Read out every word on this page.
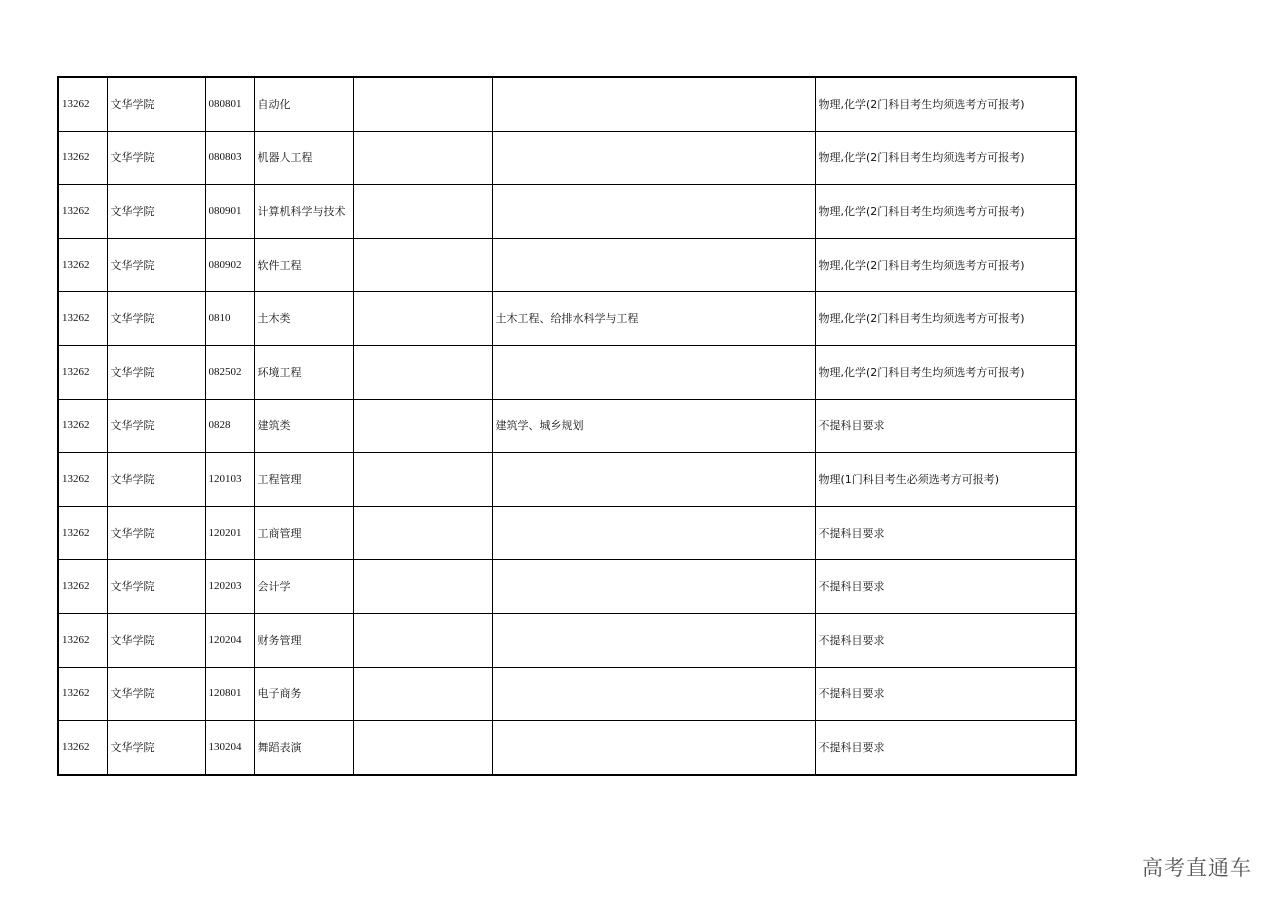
13262	文华学院	080801	自动化			物理,化学(2门科目考生均须选考方可报考)
13262	文华学院	080803	机器人工程			物理,化学(2门科目考生均须选考方可报考)
13262	文华学院	080901	计算机科学与技术			物理,化学(2门科目考生均须选考方可报考)
13262	文华学院	080902	软件工程			物理,化学(2门科目考生均须选考方可报考)
13262	文华学院	0810	土木类		土木工程、给排水科学与工程	物理,化学(2门科目考生均须选考方可报考)
13262	文华学院	082502	环境工程			物理,化学(2门科目考生均须选考方可报考)
13262	文华学院	0828	建筑类		建筑学、城乡规划	不提科目要求
13262	文华学院	120103	工程管理			物理(1门科目考生必须选考方可报考)
13262	文华学院	120201	工商管理			不提科目要求
13262	文华学院	120203	会计学			不提科目要求
13262	文华学院	120204	财务管理			不提科目要求
13262	文华学院	120801	电子商务			不提科目要求
13262	文华学院	130204	舞蹈表演			不提科目要求
高考直通车
